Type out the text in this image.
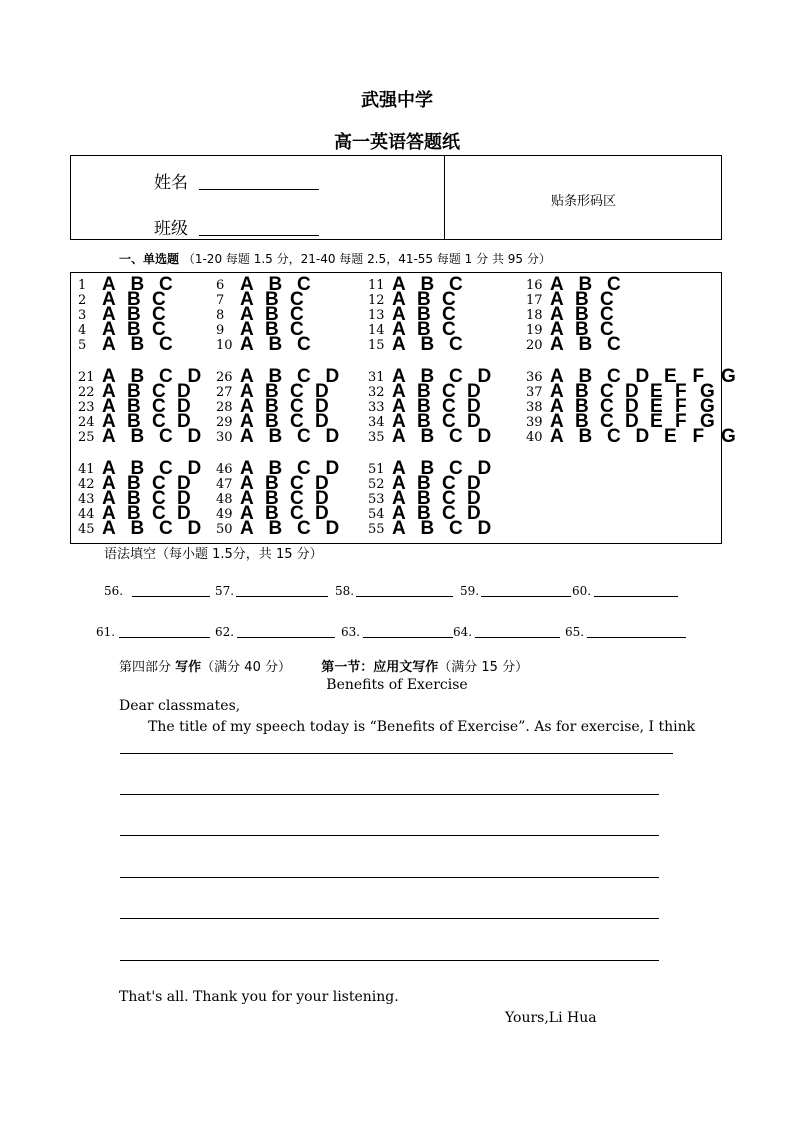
武强中学
高一英语答题纸
姓名
班级
贴条形码区
一、单选题 （1-20 每题 1.5 分，21-40 每题 2.5，41-55 每题 1 分 共 95 分）
1 A B C
2 A B C
3 A B C
4 A B C
5 A B C
6 A B C
7 A B C
8 A B C
9 A B C
10 A B C
11 A B C
12 A B C
13 A B C
14 A B C
15 A B C
16 A B C
17 A B C
18 A B C
19 A B C
20 A B C
21 A B C D
22 A B C D
23 A B C D
24 A B C D
25 A B C D
26 A B C D
27 A B C D
28 A B C D
29 A B C D
30 A B C D
31 A B C D
32 A B C D
33 A B C D
34 A B C D
35 A B C D
36 A B C D E F G
37 A B C D E F G
38 A B C D E F G
39 A B C D E F G
40 A B C D E F G
41 A B C D
42 A B C D
43 A B C D
44 A B C D
45 A B C D
46 A B C D
47 A B C D
48 A B C D
49 A B C D
50 A B C D
51 A B C D
52 A B C D
53 A B C D
54 A B C D
55 A B C D
语法填空（每小题 1.5分，共 15 分）
56.	57.	58.	59.	60.
61.	62.	63.	64.	65.
第四部分 写作（满分 40 分） 第一节：应用文写作（满分 15 分）
Benefits of Exercise
Dear classmates,
The title of my speech today is “Benefits of Exercise”. As for exercise, I think
That's all. Thank you for your listening.
Yours,Li Hua
